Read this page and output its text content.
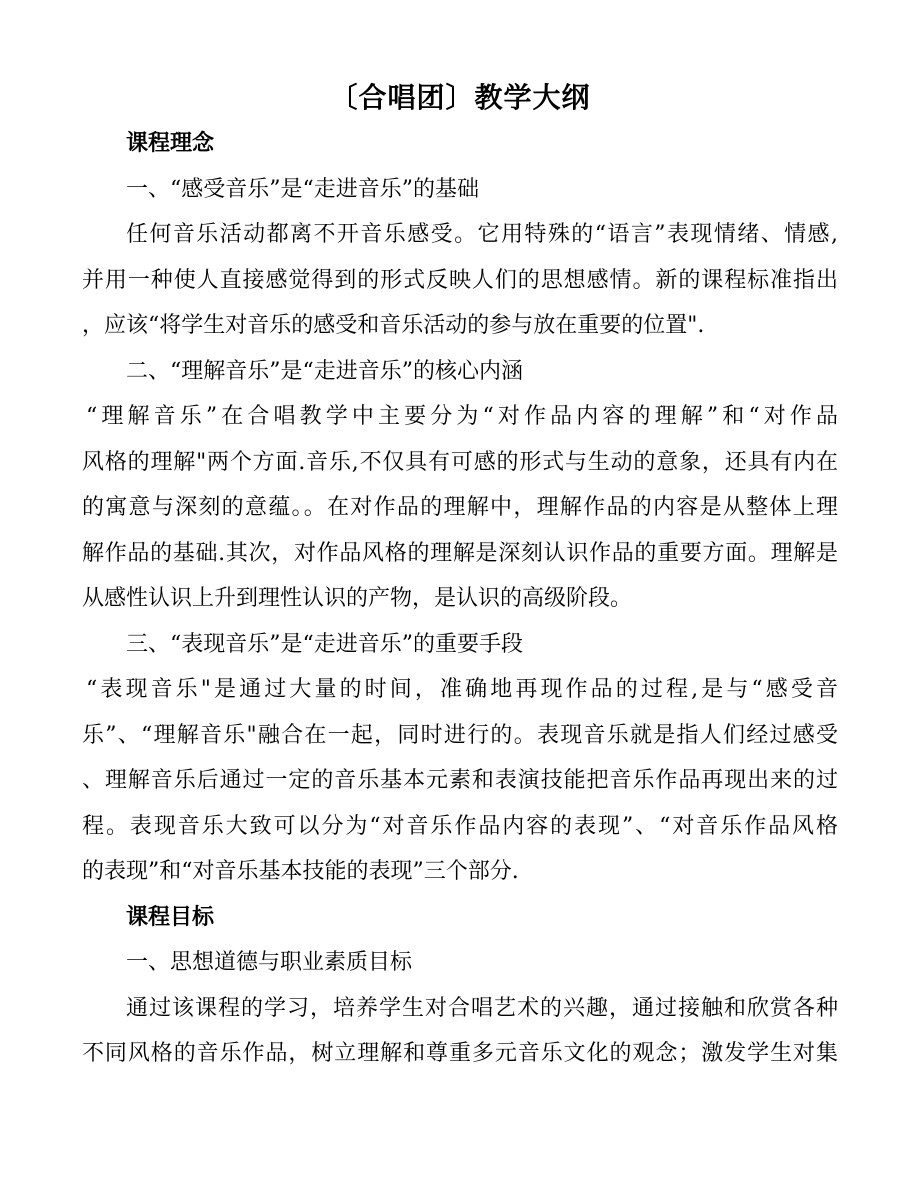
〔合唱团〕教学大纲
课程理念
一、“感受音乐”是“走进音乐”的基础
任何音乐活动都离不开音乐感受。它用特殊的“语言”表现情绪、情感,
并用一种使人直接感觉得到的形式反映人们的思想感情。新的课程标准指出
，应该“将学生对音乐的感受和音乐活动的参与放在重要的位置".
二、“理解音乐”是“走进音乐”的核心内涵
“理解音乐”在合唱教学中主要分为“对作品内容的理解”和“对作品
风格的理解"两个方面.音乐,不仅具有可感的形式与生动的意象，还具有内在
的寓意与深刻的意蕴。。在对作品的理解中，理解作品的内容是从整体上理
解作品的基础.其次，对作品风格的理解是深刻认识作品的重要方面。理解是
从感性认识上升到理性认识的产物，是认识的高级阶段。
三、“表现音乐”是“走进音乐”的重要手段
“表现音乐"是通过大量的时间，准确地再现作品的过程,是与“感受音
乐”、“理解音乐"融合在一起，同时进行的。表现音乐就是指人们经过感受
、理解音乐后通过一定的音乐基本元素和表演技能把音乐作品再现出来的过
程。表现音乐大致可以分为“对音乐作品内容的表现”、“对音乐作品风格
的表现”和“对音乐基本技能的表现”三个部分.
课程目标
一、思想道德与职业素质目标
通过该课程的学习，培养学生对合唱艺术的兴趣，通过接触和欣赏各种
不同风格的音乐作品，树立理解和尊重多元音乐文化的观念；激发学生对集
